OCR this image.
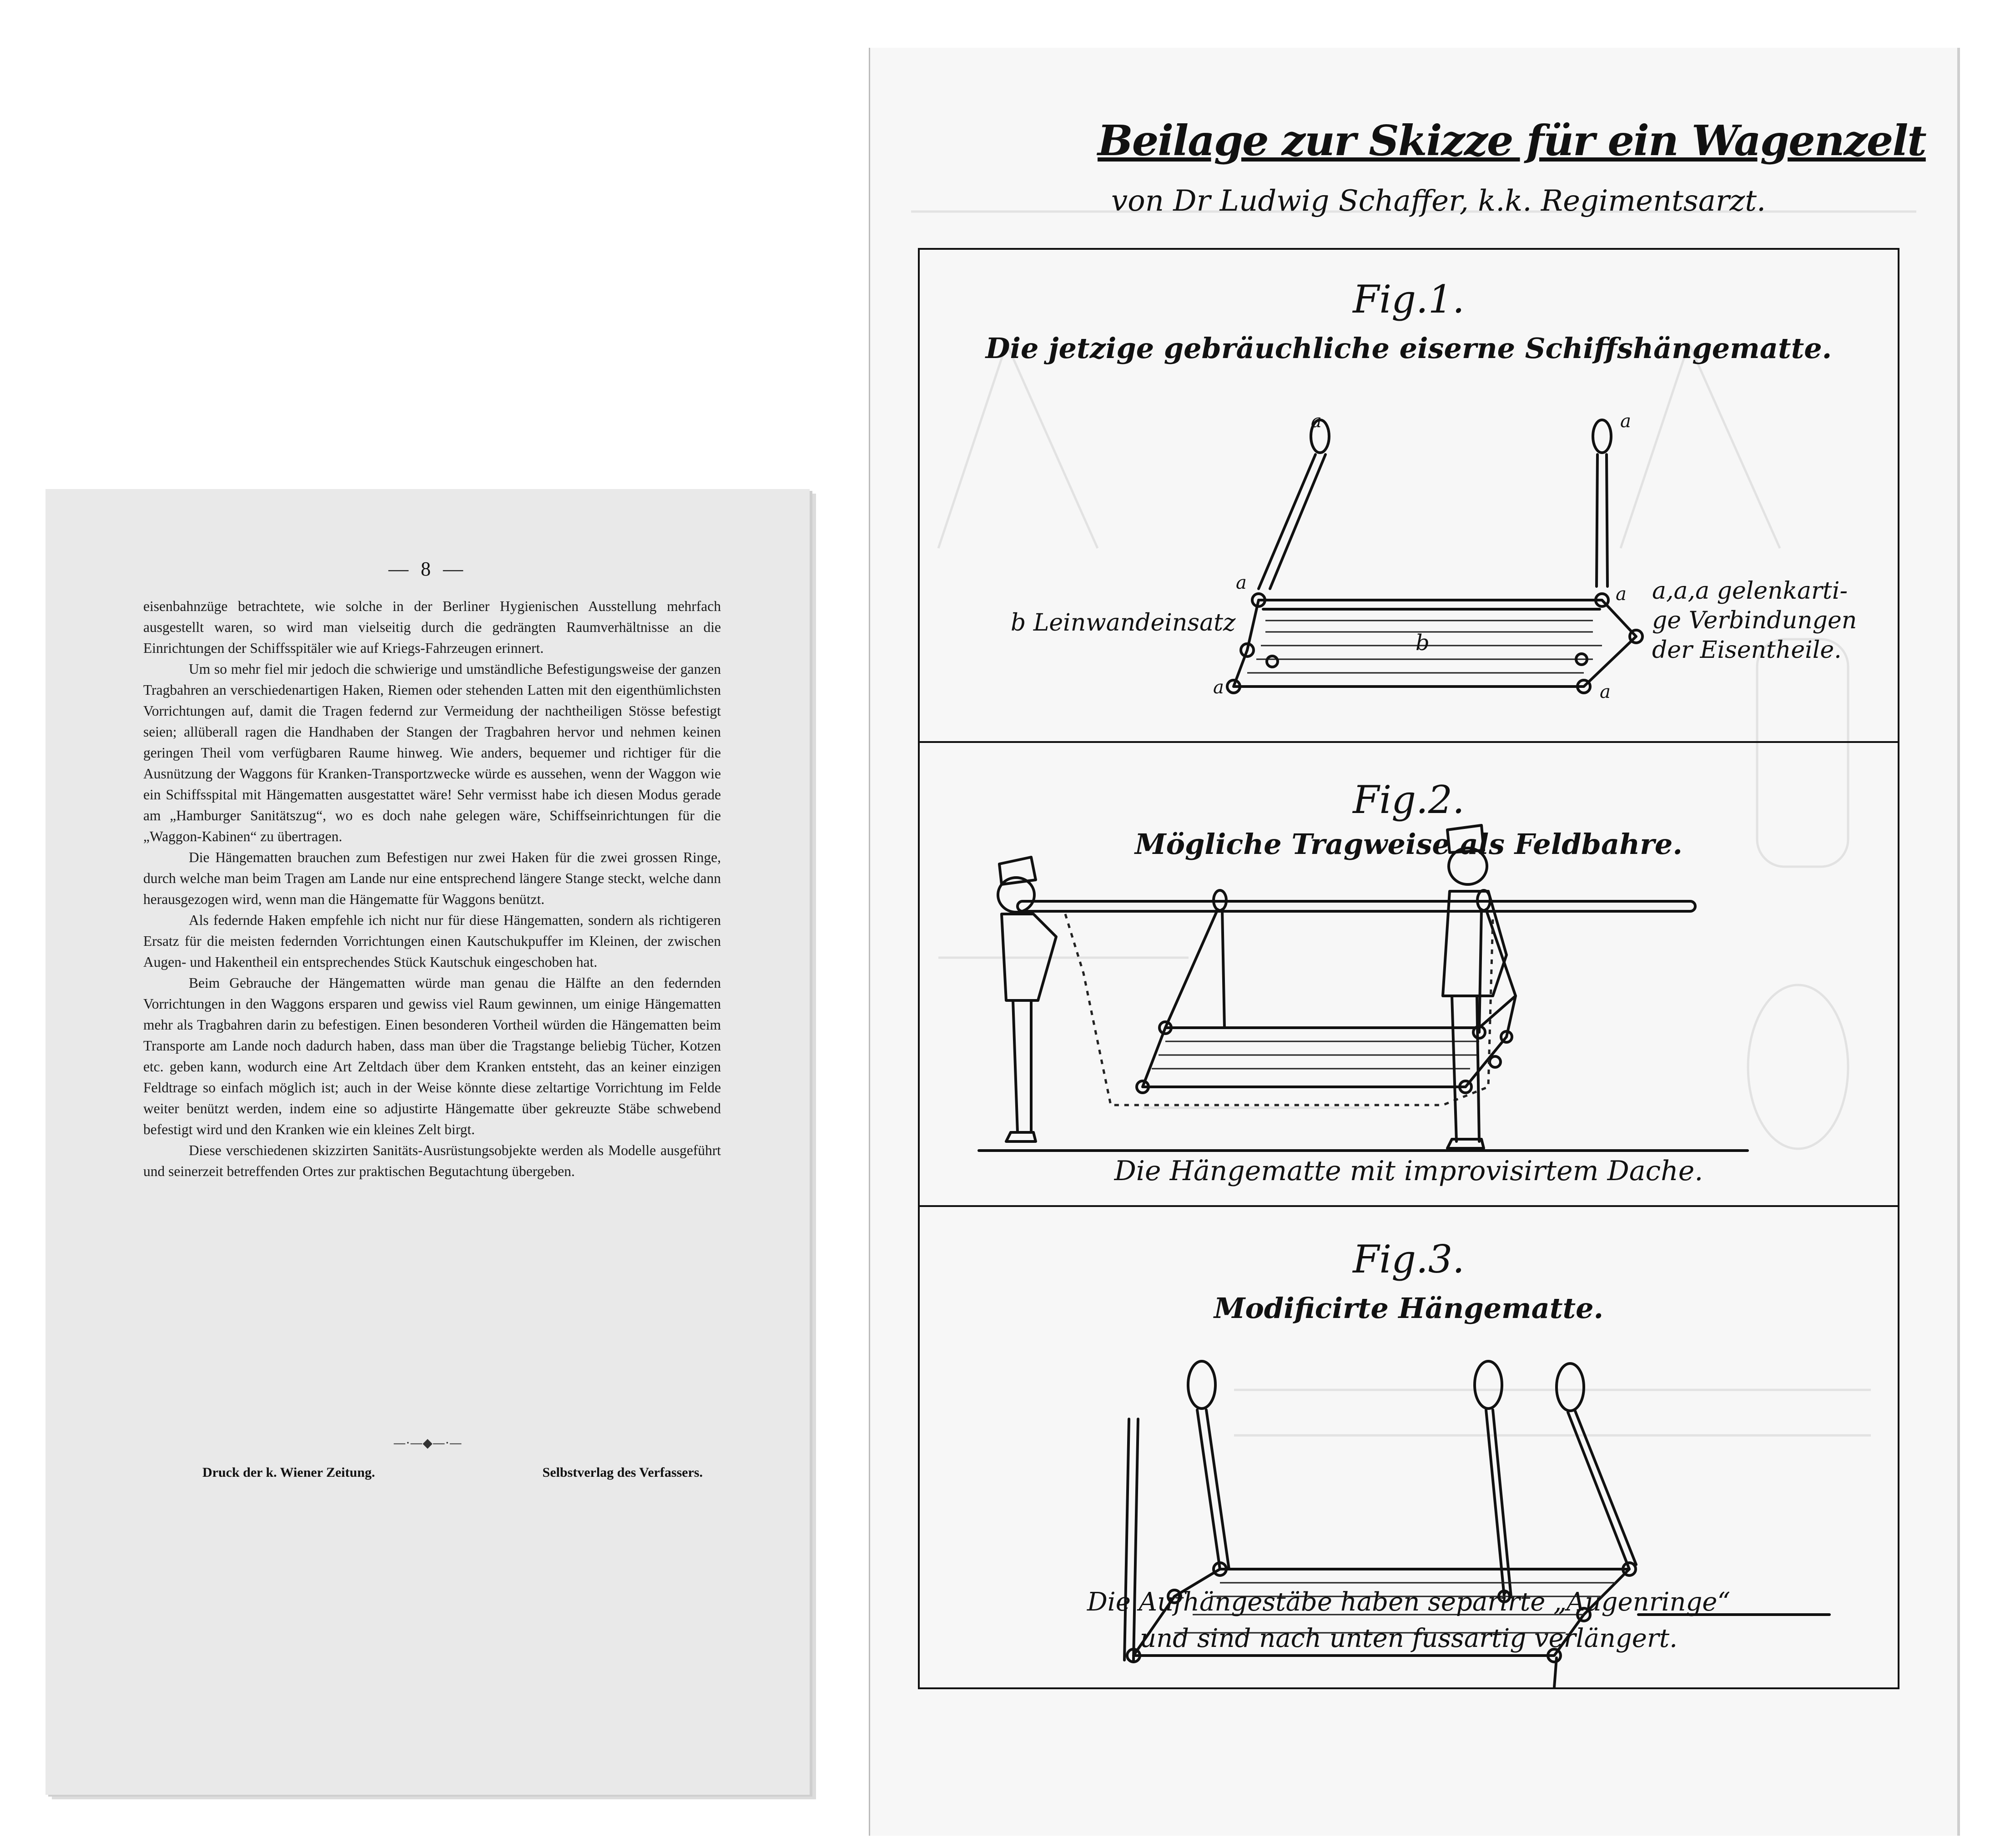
— 8 —

eisenbahnzüge betrachtete, wie solche in der Berliner Hygienischen Ausstellung mehrfach ausgestellt waren, so wird man vielseitig durch die gedrängten Raumverhältnisse an die Einrichtungen der Schiffsspitäler wie auf Kriegs-Fahrzeugen erinnert.

Um so mehr fiel mir jedoch die schwierige und umständliche Befestigungsweise der ganzen Tragbahren an verschiedenartigen Haken, Riemen oder stehenden Latten mit den eigenthümlichsten Vorrichtungen auf, damit die Tragen federnd zur Vermeidung der nachtheiligen Stösse befestigt seien; allüberall ragen die Handhaben der Stangen der Tragbahren hervor und nehmen keinen geringen Theil vom verfügbaren Raume hinweg. Wie anders, bequemer und richtiger für die Ausnützung der Waggons für Kranken-Transportzwecke würde es aussehen, wenn der Waggon wie ein Schiffsspital mit Hängematten ausgestattet wäre! Sehr vermisst habe ich diesen Modus gerade am „Hamburger Sanitätszug“, wo es doch nahe gelegen wäre, Schiffseinrichtungen für die „Waggon-Kabinen“ zu übertragen.

Die Hängematten brauchen zum Befestigen nur zwei Haken für die zwei grossen Ringe, durch welche man beim Tragen am Lande nur eine entsprechend längere Stange steckt, welche dann herausgezogen wird, wenn man die Hängematte für Waggons benützt.

Als federnde Haken empfehle ich nicht nur für diese Hängematten, sondern als richtigeren Ersatz für die meisten federnden Vorrichtungen einen Kautschukpuffer im Kleinen, der zwischen Augen- und Hakentheil ein entsprechendes Stück Kautschuk eingeschoben hat.

Beim Gebrauche der Hängematten würde man genau die Hälfte an den federnden Vorrichtungen in den Waggons ersparen und gewiss viel Raum gewinnen, um einige Hängematten mehr als Tragbahren darin zu befestigen. Einen besonderen Vortheil würden die Hängematten beim Transporte am Lande noch dadurch haben, dass man über die Tragstange beliebig Tücher, Kotzen etc. geben kann, wodurch eine Art Zeltdach über dem Kranken entsteht, das an keiner einzigen Feldtrage so einfach möglich ist; auch in der Weise könnte diese zeltartige Vorrichtung im Felde weiter benützt werden, indem eine so adjustirte Hängematte über gekreuzte Stäbe schwebend befestigt wird und den Kranken wie ein kleines Zelt birgt.

Diese verschiedenen skizzirten Sanitäts-Ausrüstungsobjekte werden als Modelle ausgeführt und seinerzeit betreffenden Ortes zur praktischen Begutachtung übergeben.

—·—◆—·—
Druck der k. Wiener Zeitung.	Selbstverlag des Verfassers.
Beilage zur Skizze für ein Wagenzelt
von Dr Ludwig Schaffer, k.k. Regimentsarzt.
Fig.1.
Die jetzige gebräuchliche eiserne Schiffshängematte.
a	a
a
a
a	a
b
b Leinwandeinsatz
a,a,a gelenkarti-
ge Verbindungen
der Eisentheile.
Fig.2.
Mögliche Tragweise als Feldbahre.
Die Hängematte mit improvisirtem Dache.
Fig.3.
Modificirte Hängematte.
Die Aufhängestäbe haben separirte „Augenringe“
und sind nach unten fussartig verlängert.
